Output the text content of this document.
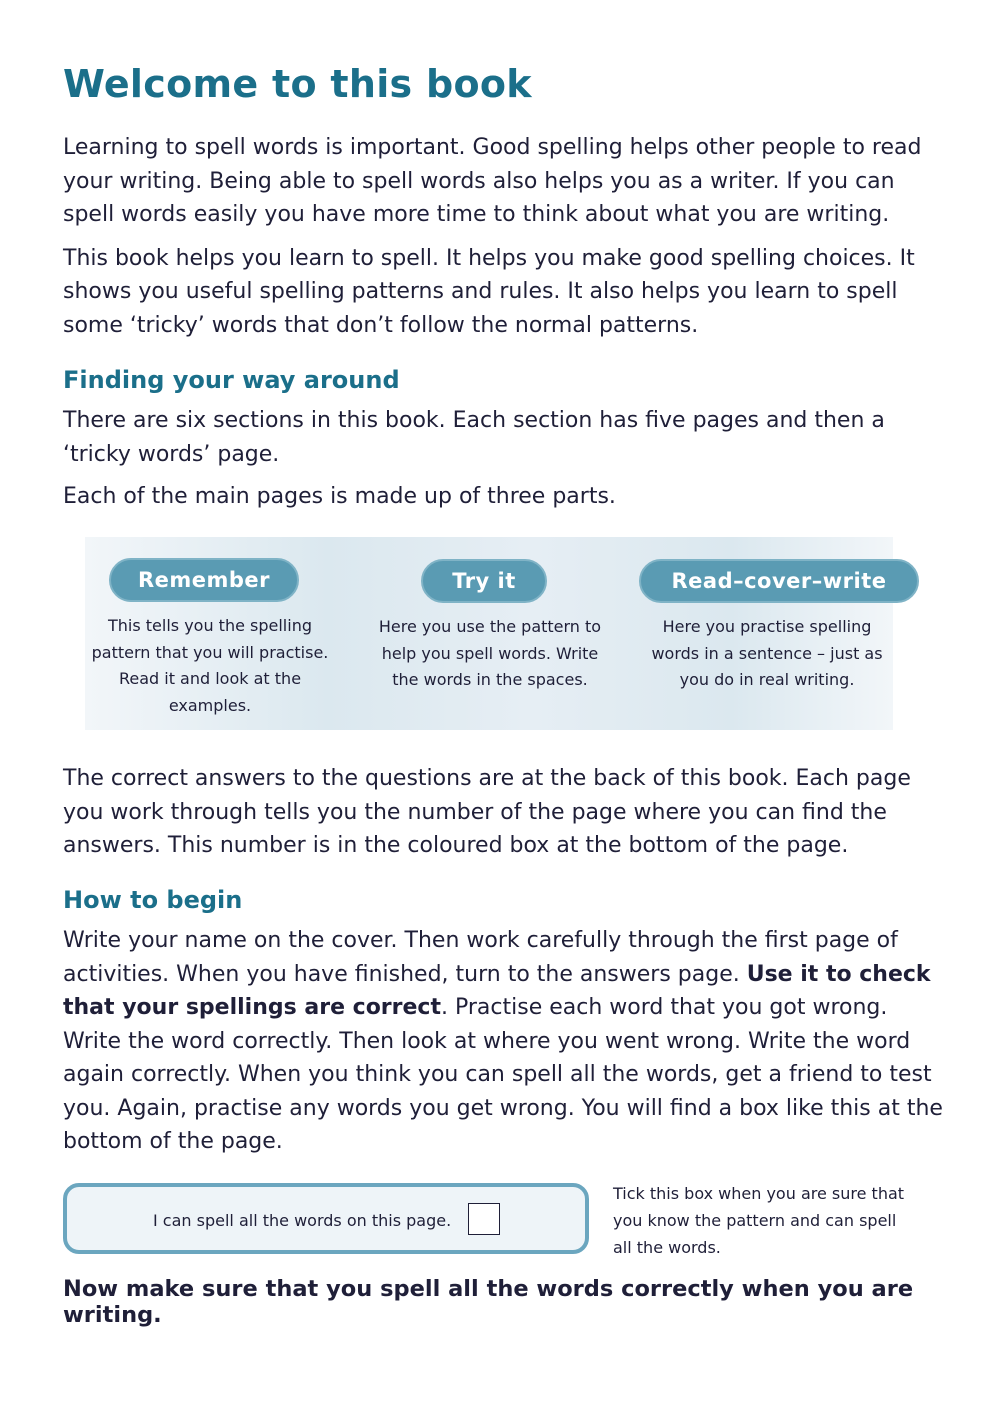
Welcome to this book

Learning to spell words is important. Good spelling helps other people to read your writing. Being able to spell words also helps you as a writer. If you can spell words easily you have more time to think about what you are writing.

This book helps you learn to spell. It helps you make good spelling choices. It shows you useful spelling patterns and rules. It also helps you learn to spell some ‘tricky’ words that don’t follow the normal patterns.

Finding your way around

There are six sections in this book. Each section has five pages and then a ‘tricky words’ page.

Each of the main pages is made up of three parts.

Remember
This tells you the spelling pattern that you will practise. Read it and look at the examples.
Try it
Here you use the pattern to help you spell words. Write the words in the spaces.
Read–cover–write
Here you practise spelling words in a sentence – just as you do in real writing.

The correct answers to the questions are at the back of this book. Each page you work through tells you the number of the page where you can find the answers. This number is in the coloured box at the bottom of the page.

How to begin

Write your name on the cover. Then work carefully through the first page of activities. When you have finished, turn to the answers page. Use it to check that your spellings are correct. Practise each word that you got wrong. Write the word correctly. Then look at where you went wrong. Write the word again correctly. When you think you can spell all the words, get a friend to test you. Again, practise any words you get wrong. You will find a box like this at the bottom of the page.

I can spell all the words on this page.
Tick this box when you are sure that you know the pattern and can spell all the words.
Now make sure that you spell all the words correctly when you are writing.
